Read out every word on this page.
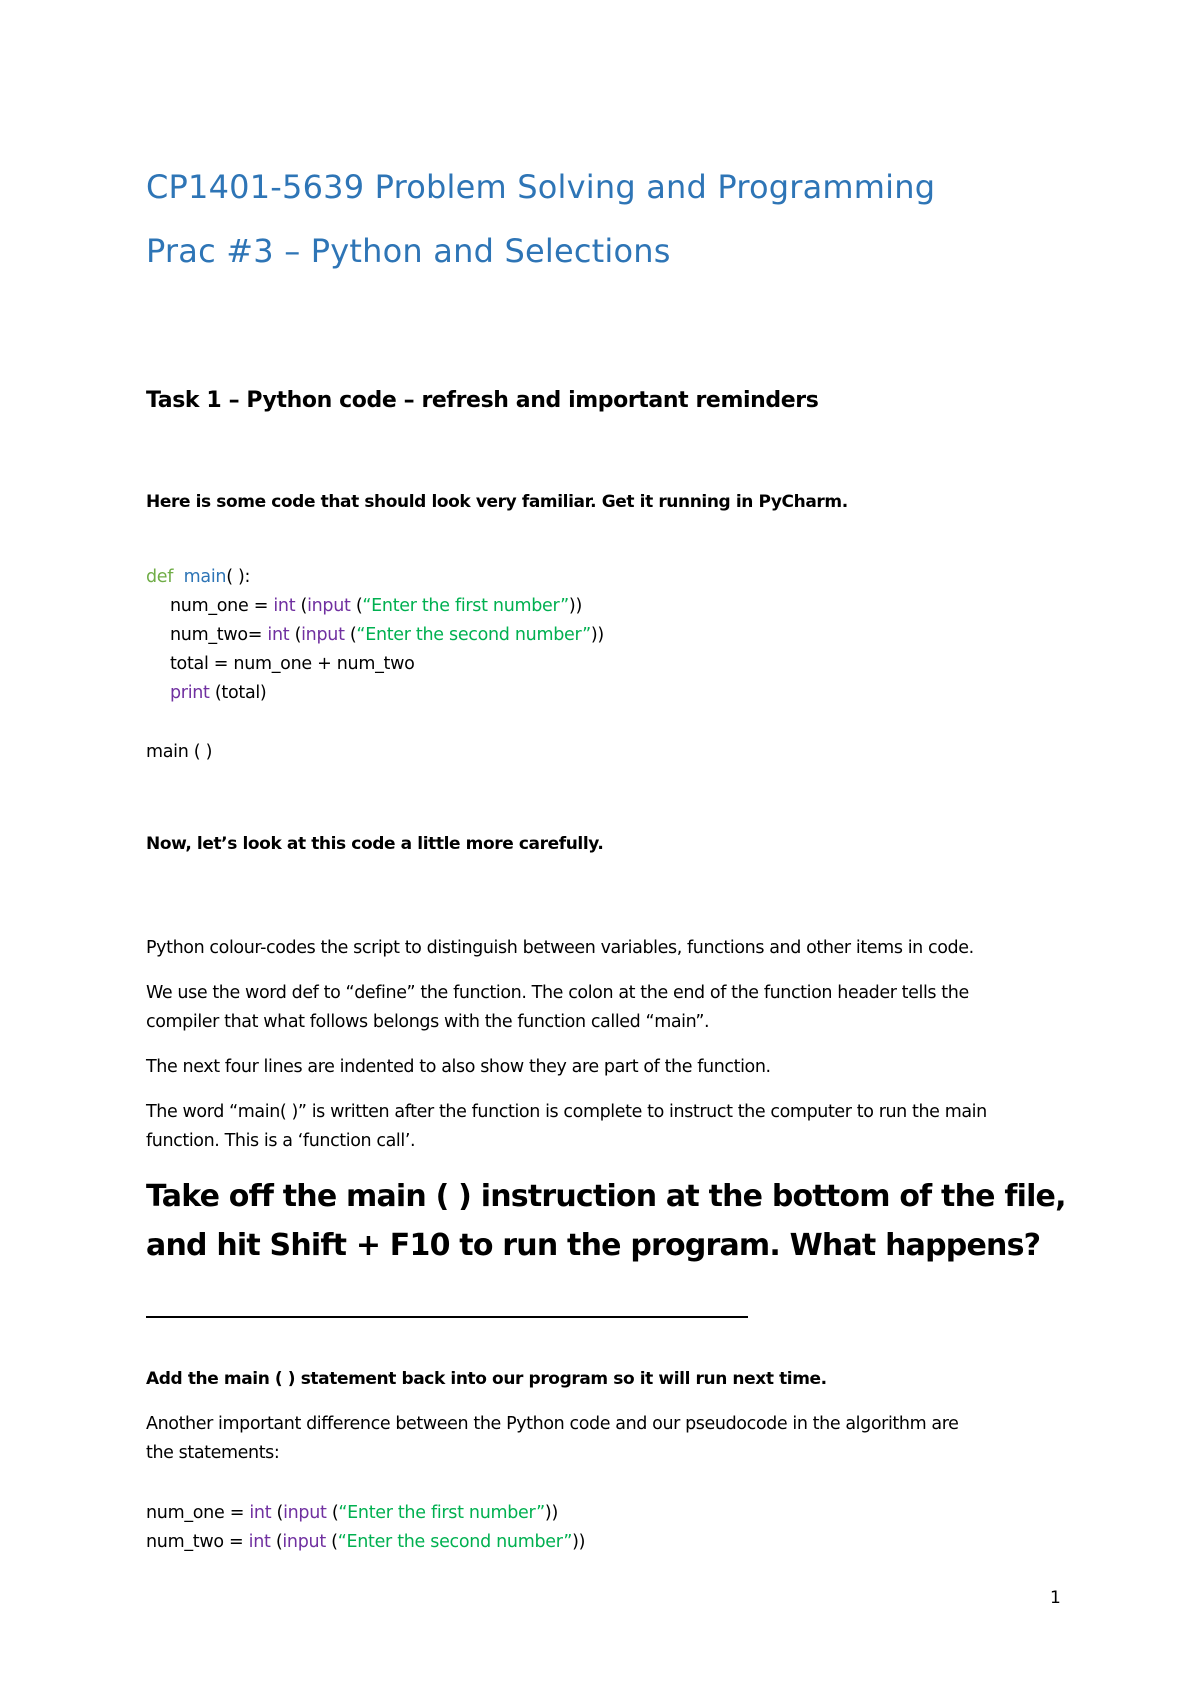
CP1401-5639 Problem Solving and Programming
Prac #3 – Python and Selections
Task 1 – Python code – refresh and important reminders
Here is some code that should look very familiar. Get it running in PyCharm.
def main( ):
num_one = int (input (“Enter the first number”))
num_two= int (input (“Enter the second number”))
total = num_one + num_two
print (total)
main ( )
Now, let’s look at this code a little more carefully.
Python colour-codes the script to distinguish between variables, functions and other items in code.
We use the word def to “define” the function. The colon at the end of the function header tells the
compiler that what follows belongs with the function called “main”.
The next four lines are indented to also show they are part of the function.
The word “main( )” is written after the function is complete to instruct the computer to run the main
function. This is a ‘function call’.
Take off the main ( ) instruction at the bottom of the file,
and hit Shift + F10 to run the program. What happens?
Add the main ( ) statement back into our program so it will run next time.
Another important difference between the Python code and our pseudocode in the algorithm are
the statements:
num_one = int (input (“Enter the first number”))
num_two = int (input (“Enter the second number”))
1
